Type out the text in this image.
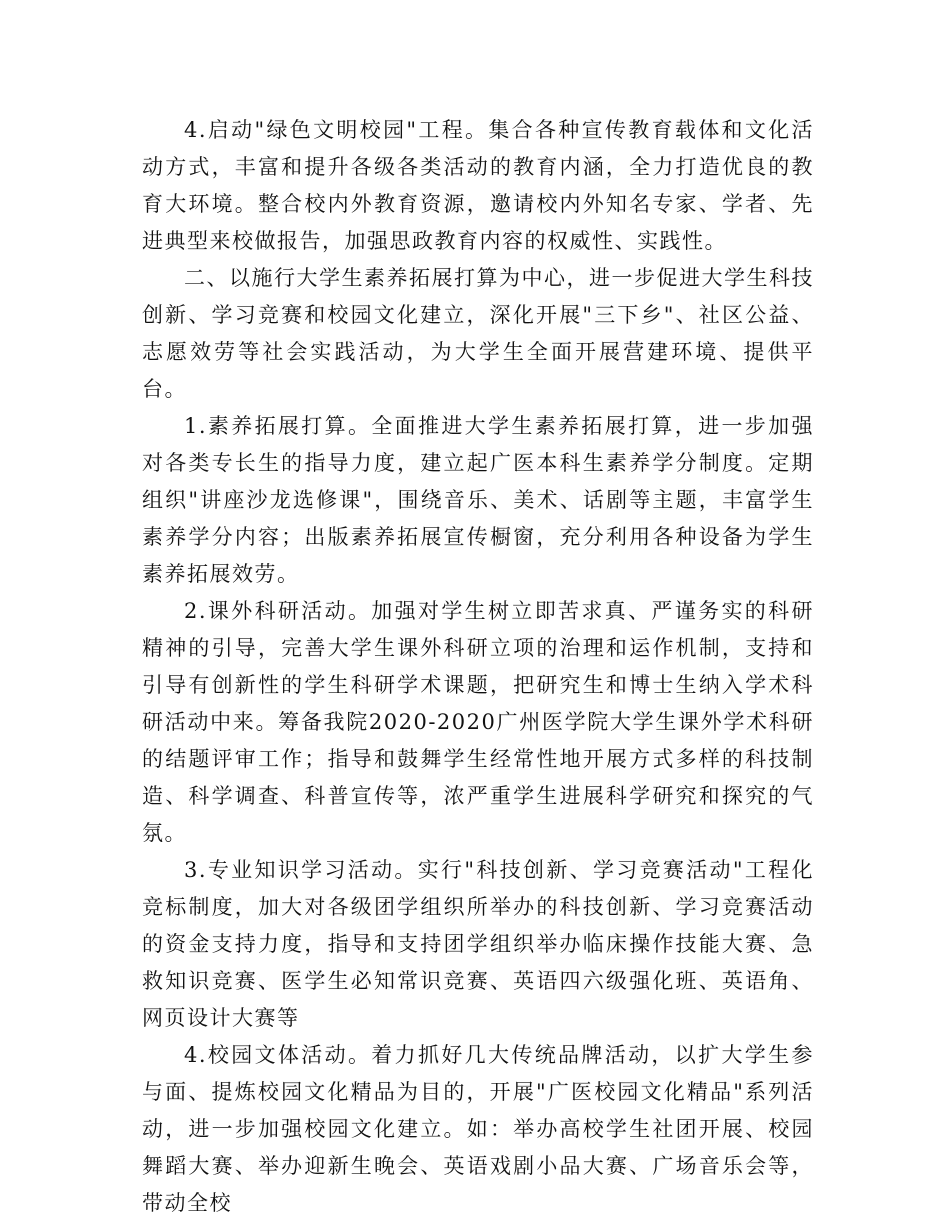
4.启动"绿色文明校园"工程。集合各种宣传教育载体和文化活动方式，丰富和提升各级各类活动的教育内涵，全力打造优良的教育大环境。整合校内外教育资源，邀请校内外知名专家、学者、先进典型来校做报告，加强思政教育内容的权威性、实践性。

二、以施行大学生素养拓展打算为中心，进一步促进大学生科技创新、学习竞赛和校园文化建立，深化开展"三下乡"、社区公益、志愿效劳等社会实践活动，为大学生全面开展营建环境、提供平台。

1.素养拓展打算。全面推进大学生素养拓展打算，进一步加强对各类专长生的指导力度，建立起广医本科生素养学分制度。定期组织"讲座沙龙选修课"，围绕音乐、美术、话剧等主题，丰富学生素养学分内容；出版素养拓展宣传橱窗，充分利用各种设备为学生素养拓展效劳。

2.课外科研活动。加强对学生树立即苦求真、严谨务实的科研精神的引导，完善大学生课外科研立项的治理和运作机制，支持和引导有创新性的学生科研学术课题，把研究生和博士生纳入学术科研活动中来。筹备我院2020-2020广州医学院大学生课外学术科研的结题评审工作；指导和鼓舞学生经常性地开展方式多样的科技制造、科学调查、科普宣传等，浓严重学生进展科学研究和探究的气氛。

3.专业知识学习活动。实行"科技创新、学习竞赛活动"工程化竞标制度，加大对各级团学组织所举办的科技创新、学习竞赛活动的资金支持力度，指导和支持团学组织举办临床操作技能大赛、急救知识竞赛、医学生必知常识竞赛、英语四六级强化班、英语角、网页设计大赛等

4.校园文体活动。着力抓好几大传统品牌活动，以扩大学生参与面、提炼校园文化精品为目的，开展"广医校园文化精品"系列活动，进一步加强校园文化建立。如：举办高校学生社团开展、校园舞蹈大赛、举办迎新生晚会、英语戏剧小品大赛、广场音乐会等，带动全校
